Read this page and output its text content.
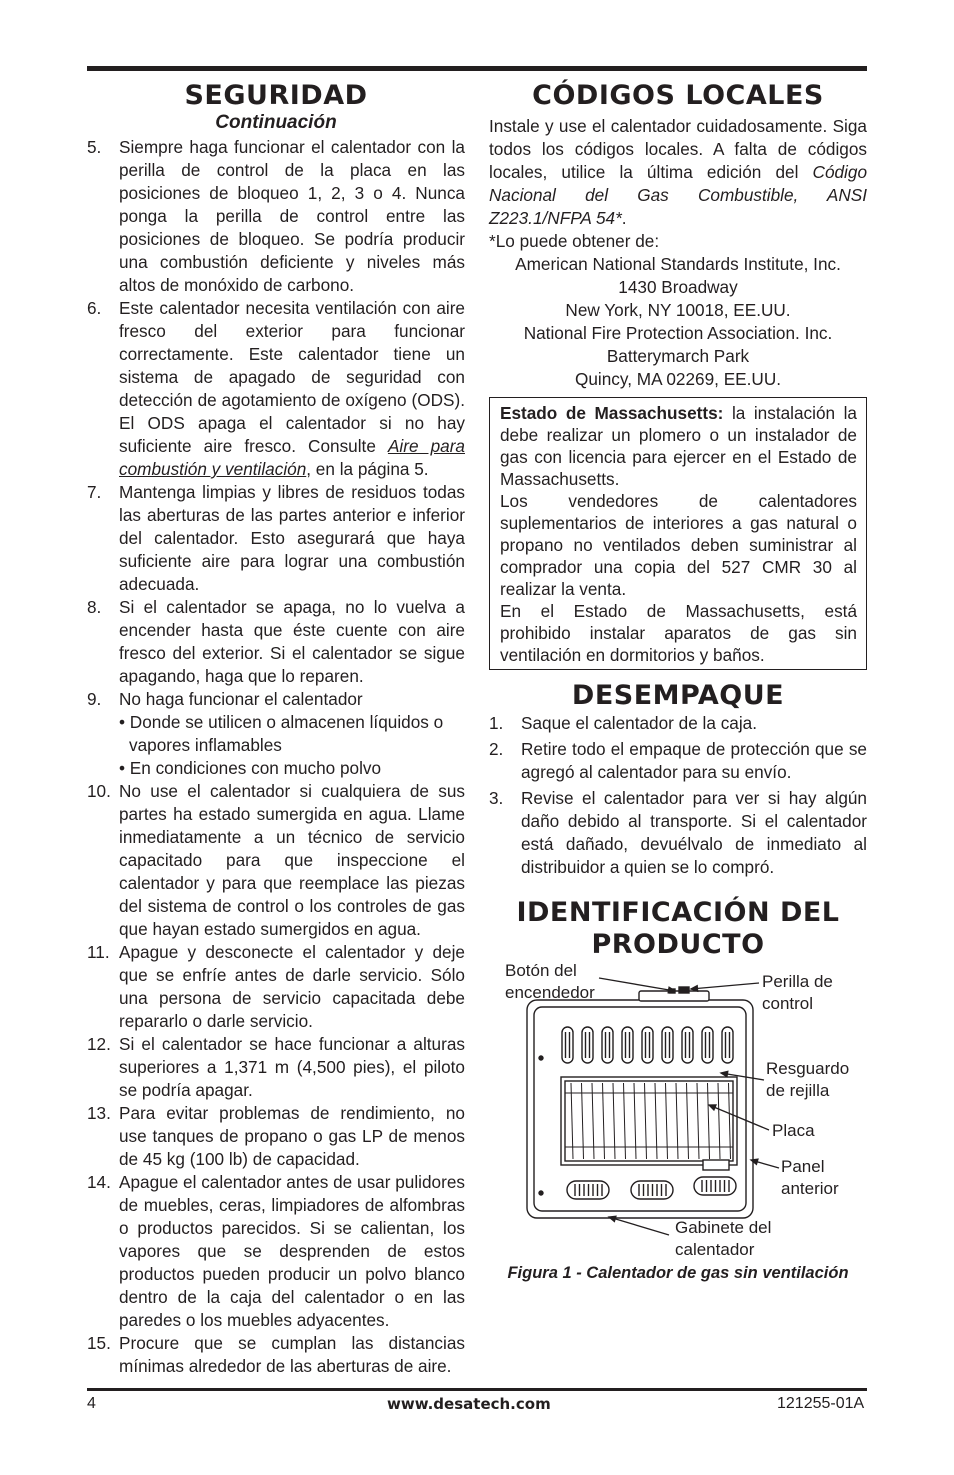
SEGURIDAD
Continuación
5. Siempre haga funcionar el calentador con la perilla de control de la placa en las posiciones de bloqueo 1, 2, 3 o 4. Nunca ponga la perilla de control entre las posiciones de bloqueo. Se podría producir una combustión deficiente y niveles más altos de monóxido de carbono.
6. Este calentador necesita ventilación con aire fresco del exterior para funcionar correctamente. Este calentador tiene un sistema de apagado de seguridad con detección de agotamiento de oxígeno (ODS). El ODS apaga el calentador si no hay suficiente aire fresco. Consulte Aire para combustión y ventilación, en la página 5.
7. Mantenga limpias y libres de residuos todas las aberturas de las partes anterior e inferior del calentador. Esto asegurará que haya suficiente aire para lograr una combustión adecuada.
8. Si el calentador se apaga, no lo vuelva a encender hasta que éste cuente con aire fresco del exterior. Si el calentador se sigue apagando, haga que lo reparen.
9. No haga funcionar el calentador
• Donde se utilicen o almacenen líquidos o vapores inflamables
• En condiciones con mucho polvo
10. No use el calentador si cualquiera de sus partes ha estado sumergida en agua. Llame inmediatamente a un técnico de servicio capacitado para que inspeccione el calentador y para que reemplace las piezas del sistema de control o los controles de gas que hayan estado sumergidos en agua.
11. Apague y desconecte el calentador y deje que se enfríe antes de darle servicio. Sólo una persona de servicio capacitada debe repararlo o darle servicio.
12. Si el calentador se hace funcionar a alturas superiores a 1,371 m (4,500 pies), el piloto se podría apagar.
13. Para evitar problemas de rendimiento, no use tanques de propano o gas LP de menos de 45 kg (100 lb) de capacidad.
14. Apague el calentador antes de usar pulidores de muebles, ceras, limpiadores de alfombras o productos parecidos. Si se calientan, los vapores que se desprenden de estos productos pueden producir un polvo blanco dentro de la caja del calentador o en las paredes o los muebles adyacentes.
15. Procure que se cumplan las distancias mínimas alrededor de las aberturas de aire.
CÓDIGOS LOCALES
Instale y use el calentador cuidadosamente. Siga todos los códigos locales. A falta de códigos locales, utilice la última edición del Código Nacional del Gas Combustible, ANSI Z223.1/NFPA 54*.
*Lo puede obtener de:
American National Standards Institute, Inc.
1430 Broadway
New York, NY 10018, EE.UU.
National Fire Protection Association. Inc.
Batterymarch Park
Quincy, MA 02269, EE.UU.
Estado de Massachusetts: la instalación la debe realizar un plomero o un instalador de gas con licencia para ejercer en el Estado de Massachusetts.
Los vendedores de calentadores suplementarios de interiores a gas natural o propano no ventilados deben suministrar al comprador una copia del 527 CMR 30 al realizar la venta.
En el Estado de Massachusetts, está prohibido instalar aparatos de gas sin ventilación en dormitorios y baños.
DESEMPAQUE
1. Saque el calentador de la caja.
2. Retire todo el empaque de protección que se agregó al calentador para su envío.
3. Revise el calentador para ver si hay algún daño debido al transporte. Si el calentador está dañado, devuélvalo de inmediato al distribuidor a quien se lo compró.
IDENTIFICACIÓN DEL
PRODUCTO
Botón del encendedor
Perilla de control
Resguardo de rejilla
Placa
Panel anterior
Gabinete del calentador
Figura 1 - Calentador de gas sin ventilación
4	www.desatech.com	121255-01A
